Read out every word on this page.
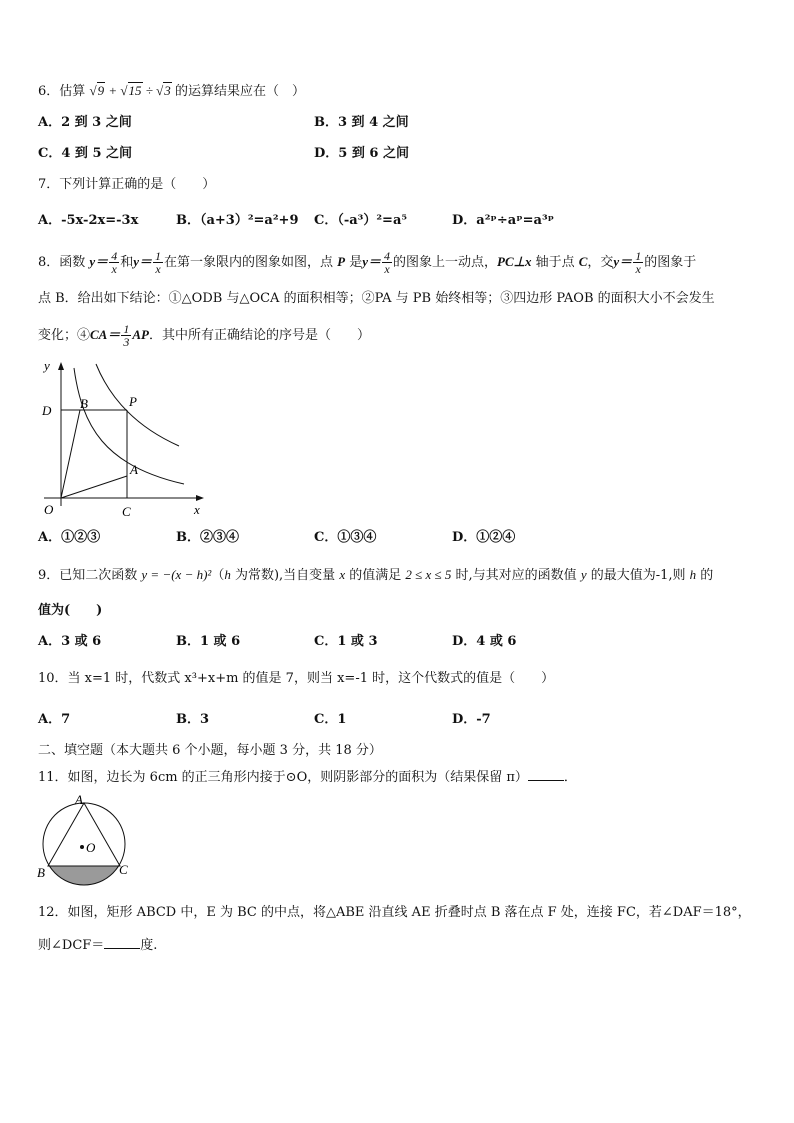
6．估算 √9 + √15 ÷ √3 的运算结果应在（　）
A．2 到 3 之间	B．3 到 4 之间
C．4 到 5 之间	D．5 到 6 之间
7．下列计算正确的是（　　）
A．-5x-2x=-3x	B．（a+3）²=a²+9 C．（-a³）²=a⁵	D．a²ᵖ÷aᵖ=a³ᵖ
8．函数 $y= \frac{4}{x}$ 和$y= \frac{1}{x}$ 在第一象限内的图象如图，点 P 是$y= \frac{4}{x}$ 的图象上一动点，PC⊥x 轴于点 C，交$y= \frac{1}{x}$ 的图象于
点 B．给出如下结论：①△ODB 与△OCA 的面积相等；②PA 与 PB 始终相等；③四边形 PAOB 的面积大小不会发生
变化；④CA＝ $\frac{1}{3}$ AP．其中所有正确结论的序号是（　　）
y
D B	P
A
O	C	x
A．①②③	B．②③④	C．①③④	D．①②④
9．已知二次函数 y = −(x − h)²（h 为常数),当自变量 x 的值满足 2 ≤ x ≤ 5 时,与其对应的函数值 y 的最大值为-1,则 h 的
值为(　　)
A．3 或 6	B．1 或 6	C．1 或 3	D．4 或 6
10．当 x=1 时，代数式 x³+x+m 的值是 7，则当 x=-1 时，这个代数式的值是（　　）
A．7	B．3	C．1	D．-7
二、填空题（本大题共 6 个小题，每小题 3 分，共 18 分）
11．如图，边长为 6cm 的正三角形内接于⊙O，则阴影部分的面积为（结果保留 π）	．
A
O
B	C
12．如图，矩形 ABCD 中，E 为 BC 的中点，将△ABE 沿直线 AE 折叠时点 B 落在点 F 处，连接 FC，若∠DAF＝18°，
则∠DCF＝	度.
